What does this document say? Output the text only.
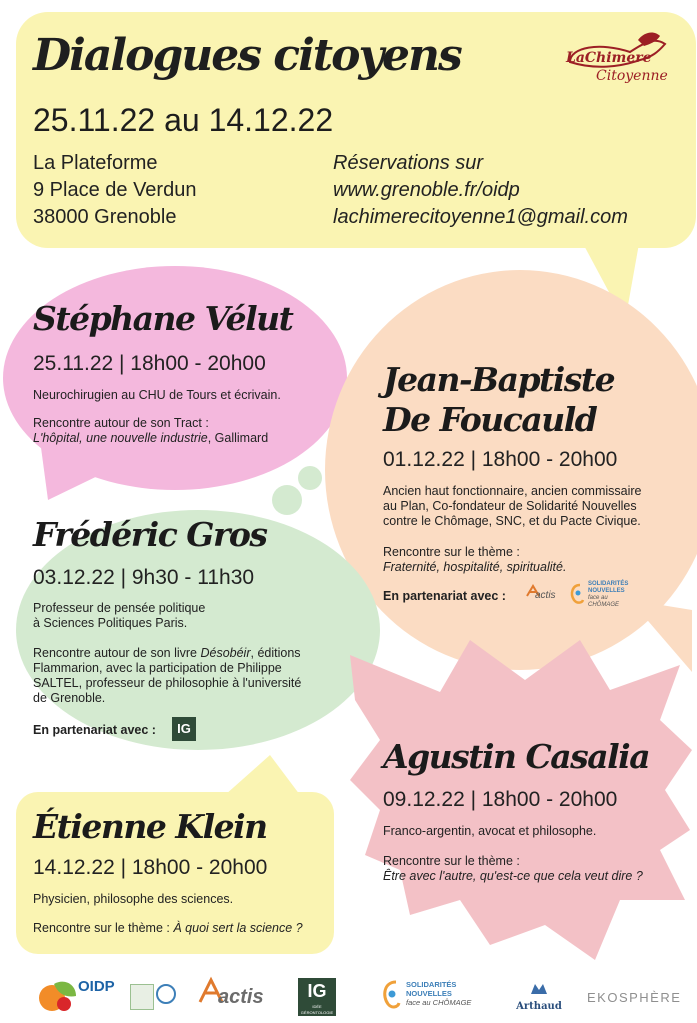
Dialogues citoyens
25.11.22 au 14.12.22
La Plateforme
9 Place de Verdun
38000 Grenoble
Réservations sur
www.grenoble.fr/oidp
lachimerecitoyenne1@gmail.com
LaChimere
Citoyenne
Stéphane Vélut
25.11.22 | 18h00 - 20h00
Neurochirugien au CHU de Tours et écrivain.
Rencontre autour de son Tract :
L'hôpital, une nouvelle industrie, Gallimard
Jean-Baptiste
De Foucauld
01.12.22 | 18h00 - 20h00
Ancien haut fonctionnaire, ancien commissaire
au Plan, Co-fondateur de Solidarité Nouvelles
contre le Chômage, SNC, et du Pacte Civique.
Rencontre sur le thème :
Fraternité, hospitalité, spiritualité.
En partenariat avec :	actis
SOLIDARITÉS
NOUVELLES
face au CHÔMAGE
Frédéric Gros
03.12.22 | 9h30 - 11h30
Professeur de pensée politique
à Sciences Politiques Paris.
Rencontre autour de son livre Désobéir, éditions
Flammarion, avec la participation de Philippe
SALTEL, professeur de philosophie à l'université
de Grenoble.
En partenariat avec :	IG
Agustin Casalia
09.12.22 | 18h00 - 20h00
Franco-argentin, avocat et philosophe.
Rencontre sur le thème :
Être avec l'autre, qu'est-ce que cela veut dire ?
Étienne Klein
14.12.22 | 18h00 - 20h00
Physicien, philosophe des sciences.
Rencontre sur le thème : À quoi sert la science ?
OIDP	actis	IG
IDÉE GÉRONTOLOGIE
SOLIDARITÉS
NOUVELLES
face au CHÔMAGE	Arthaud
EKOSPHÈRE
